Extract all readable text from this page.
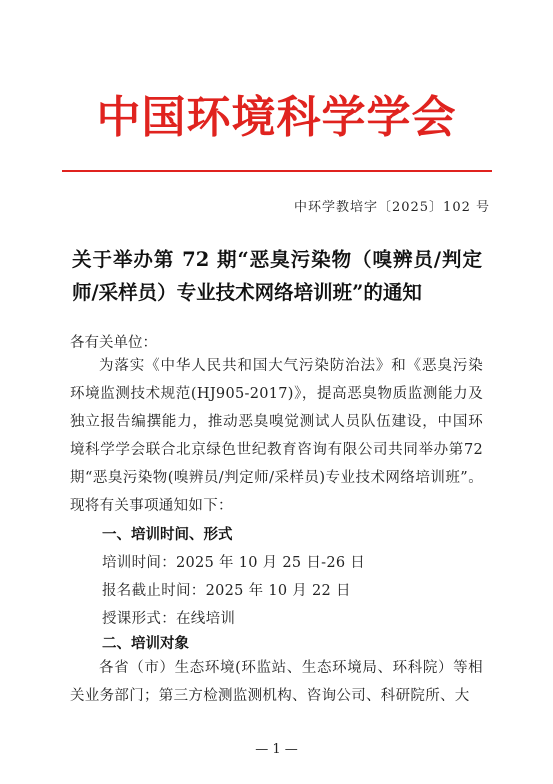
中国环境科学学会
中环学教培字〔2025〕102 号
关于举办第 72 期“恶臭污染物（嗅辨员/判定师/采样员）专业技术网络培训班”的通知
各有关单位：
为落实《中华人民共和国大气污染防治法》和《恶臭污染环境监测技术规范(HJ905-2017)》，提高恶臭物质监测能力及独立报告编撰能力，推动恶臭嗅觉测试人员队伍建设，中国环境科学学会联合北京绿色世纪教育咨询有限公司共同举办第72 期“恶臭污染物(嗅辨员/判定师/采样员)专业技术网络培训班”。现将有关事项通知如下：
一、培训时间、形式
培训时间：2025 年 10 月 25 日-26 日
报名截止时间：2025 年 10 月 22 日
授课形式：在线培训
二、培训对象
各省（市）生态环境(环监站、生态环境局、环科院）等相关业务部门；第三方检测监测机构、咨询公司、科研院所、大
— 1 —
